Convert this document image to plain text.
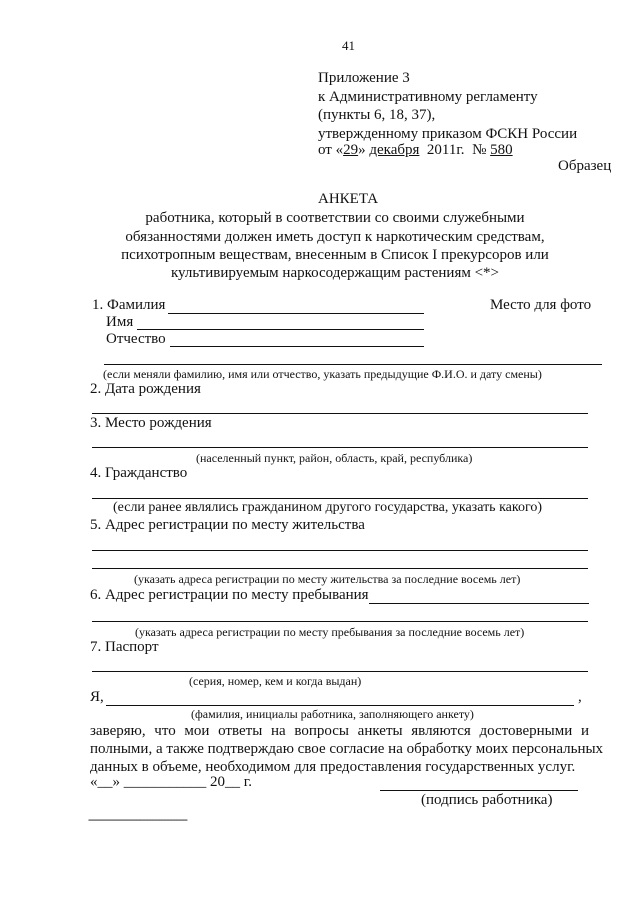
41
Приложение 3
к Административному регламенту
(пункты 6, 18, 37),
утвержденному приказом ФСКН России
от «29» декабря 2011г. № 580
Образец
АНКЕТА
работника, который в соответствии со своими служебными
обязанностями должен иметь доступ к наркотическим средствам,
психотропным веществам, внесенным в Список I прекурсоров или
культивируемым наркосодержащим растениям <*>
1. Фамилия	Место для фото
Имя
Отчество
(если меняли фамилию, имя или отчество, указать предыдущие Ф.И.О. и дату смены)
2. Дата рождения
3. Место рождения
(населенный пункт, район, область, край, республика)
4. Гражданство
(если ранее являлись гражданином другого государства, указать какого)
5. Адрес регистрации по месту жительства
(указать адреса регистрации по месту жительства за последние восемь лет)
6. Адрес регистрации по месту пребывания
(указать адреса регистрации по месту пребывания за последние восемь лет)
7. Паспорт
(серия, номер, кем и когда выдан)
Я,	,
(фамилия, инициалы работника, заполняющего анкету)
заверяю, что мои ответы на вопросы анкеты являются достоверными и
полными, а также подтверждаю свое согласие на обработку моих персональных
данных в объеме, необходимом для предоставления государственных услуг.
«__» ___________ 20__ г.
(подпись работника)
---------------------------------
